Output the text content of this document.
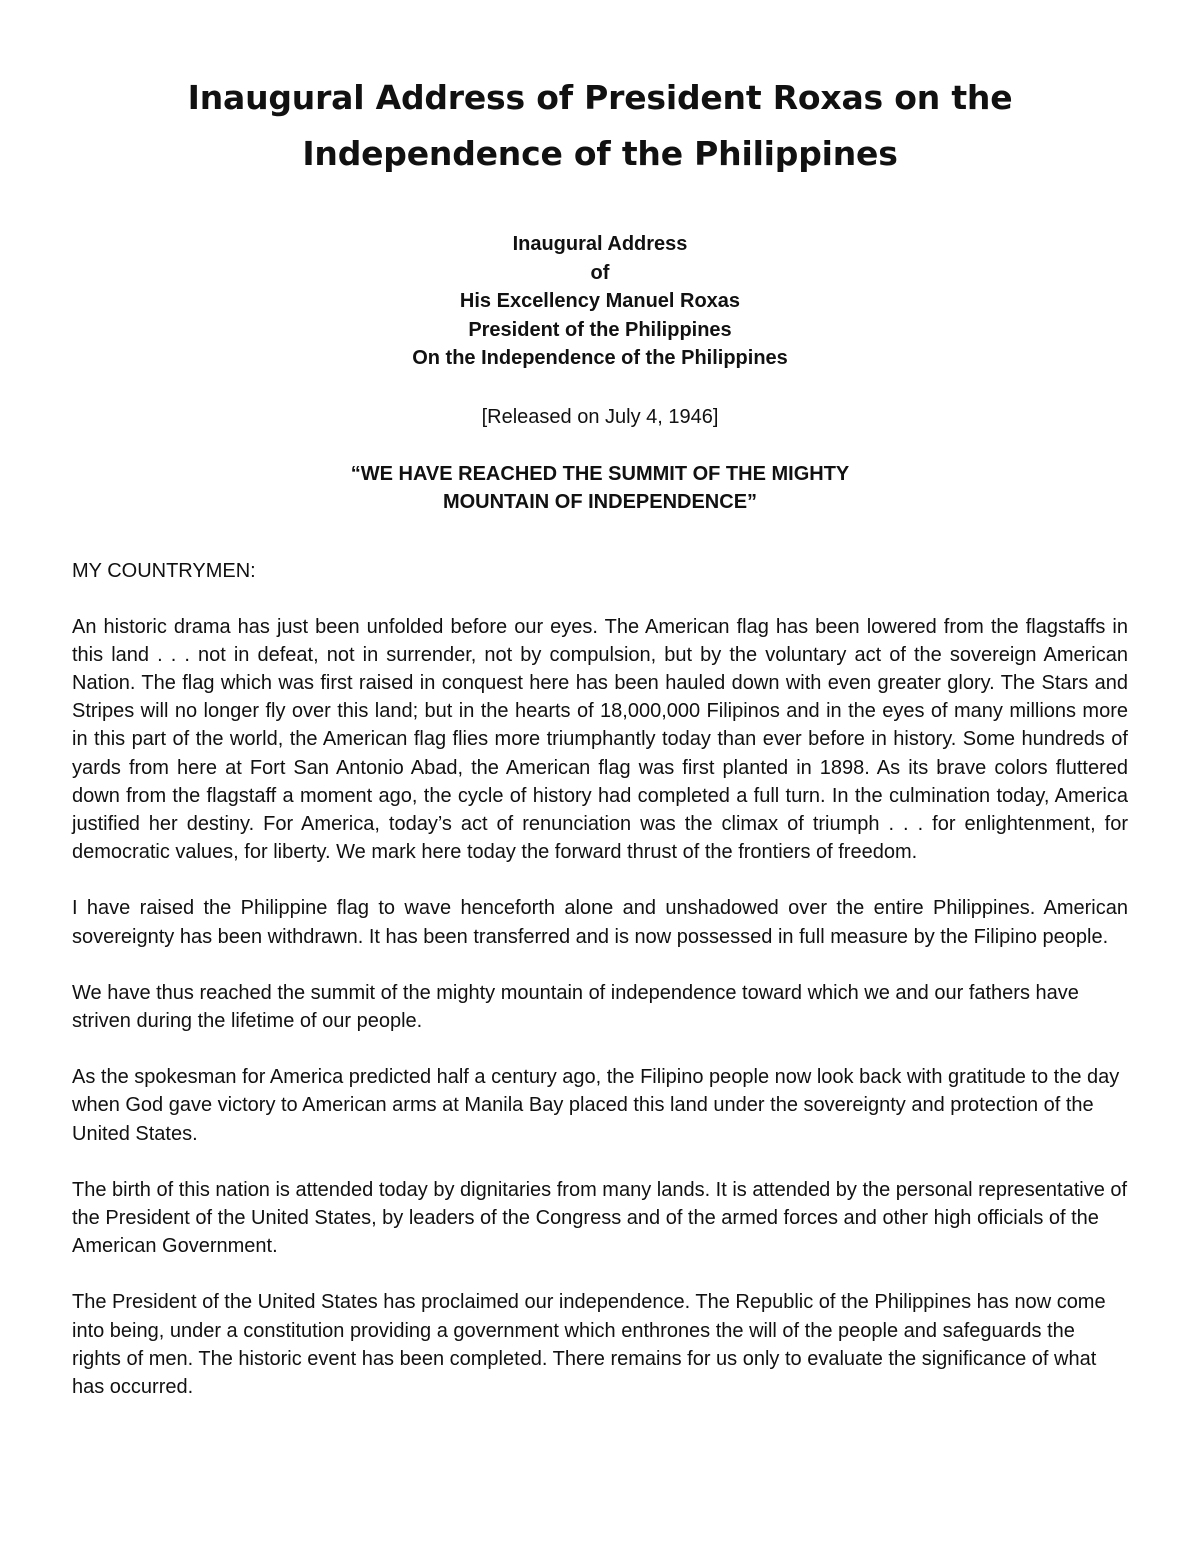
Inaugural Address of President Roxas on the Independence of the Philippines
Inaugural Address
of
His Excellency Manuel Roxas
President of the Philippines
On the Independence of the Philippines
[Released on July 4, 1946]
“WE HAVE REACHED THE SUMMIT OF THE MIGHTY
MOUNTAIN OF INDEPENDENCE”
MY COUNTRYMEN:

An historic drama has just been unfolded before our eyes. The American flag has been lowered from the flagstaffs in this land . . . not in defeat, not in surrender, not by compulsion, but by the voluntary act of the sovereign American Nation. The flag which was first raised in conquest here has been hauled down with even greater glory. The Stars and Stripes will no longer fly over this land; but in the hearts of 18,000,000 Filipinos and in the eyes of many millions more in this part of the world, the American flag flies more triumphantly today than ever before in history. Some hundreds of yards from here at Fort San Antonio Abad, the American flag was first planted in 1898. As its brave colors fluttered down from the flagstaff a moment ago, the cycle of history had completed a full turn. In the culmination today, America justified her destiny. For America, today’s act of renunciation was the climax of triumph . . . for enlightenment, for democratic values, for liberty. We mark here today the forward thrust of the frontiers of freedom.

I have raised the Philippine flag to wave henceforth alone and unshadowed over the entire Philippines. American sovereignty has been withdrawn. It has been transferred and is now possessed in full measure by the Filipino people.

We have thus reached the summit of the mighty mountain of independence toward which we and our fathers have striven during the lifetime of our people.

As the spokesman for America predicted half a century ago, the Filipino people now look back with gratitude to the day when God gave victory to American arms at Manila Bay placed this land under the sovereignty and protection of the United States.

The birth of this nation is attended today by dignitaries from many lands. It is attended by the personal representative of the President of the United States, by leaders of the Congress and of the armed forces and other high officials of the American Government.

The President of the United States has proclaimed our independence. The Republic of the Philippines has now come into being, under a constitution providing a government which enthrones the will of the people and safeguards the rights of men. The historic event has been completed. There remains for us only to evaluate the significance of what has occurred.
